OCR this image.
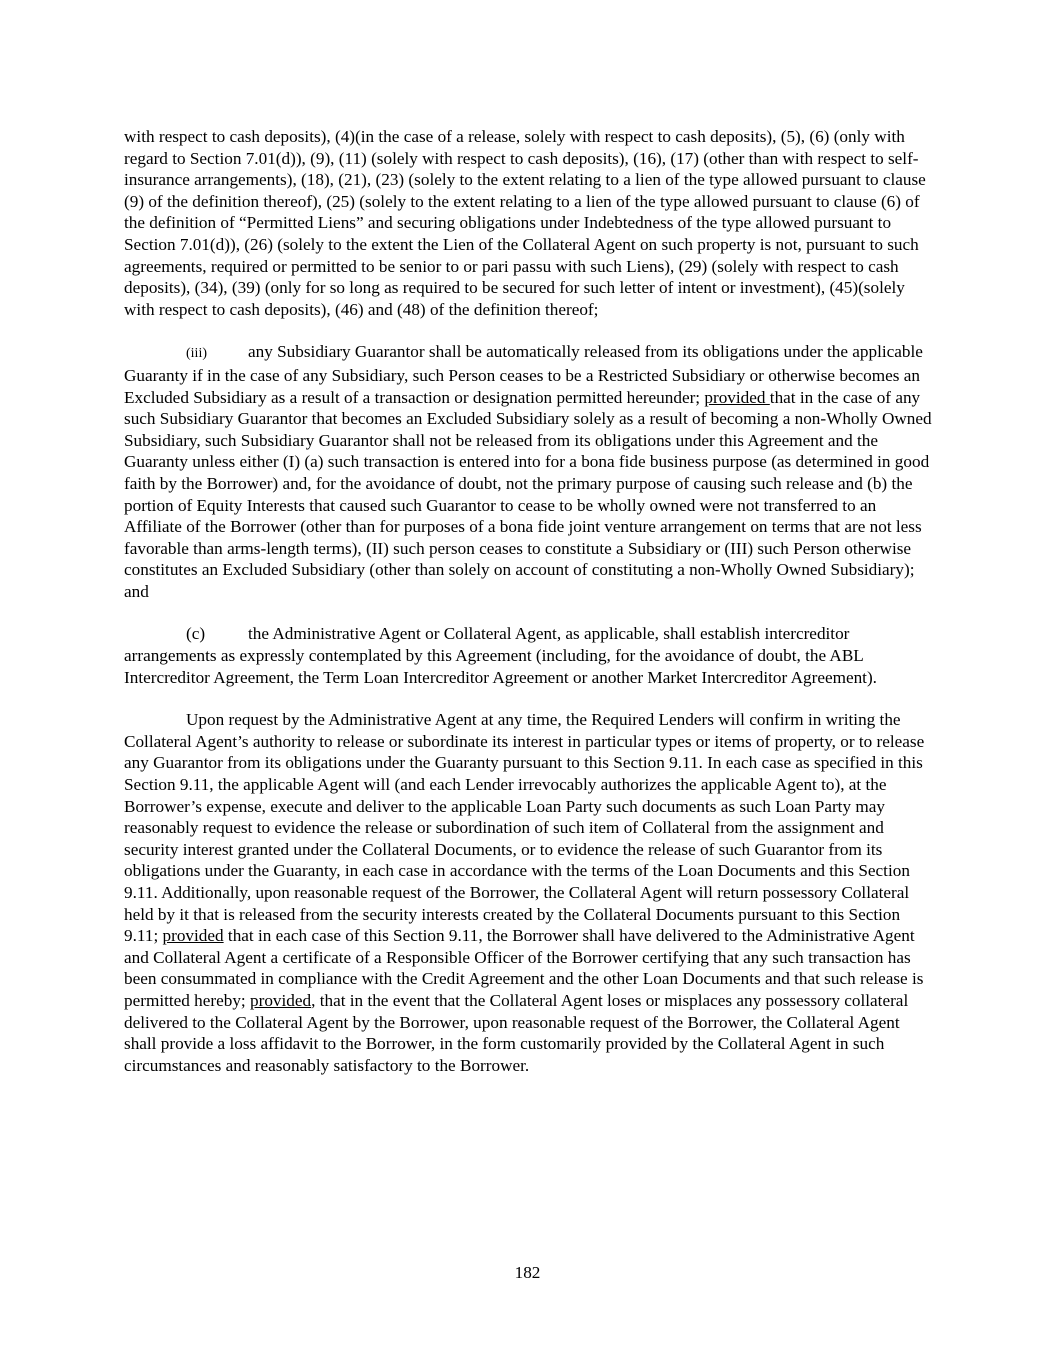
with respect to cash deposits), (4)(in the case of a release, solely with respect to cash deposits), (5), (6) (only with regard to Section 7.01(d)), (9), (11) (solely with respect to cash deposits), (16), (17) (other than with respect to self-insurance arrangements), (18), (21), (23) (solely to the extent relating to a lien of the type allowed pursuant to clause (9) of the definition thereof), (25) (solely to the extent relating to a lien of the type allowed pursuant to clause (6) of the definition of “Permitted Liens” and securing obligations under Indebtedness of the type allowed pursuant to Section 7.01(d)), (26) (solely to the extent the Lien of the Collateral Agent on such property is not, pursuant to such agreements, required or permitted to be senior to or pari passu with such Liens), (29) (solely with respect to cash deposits), (34), (39) (only for so long as required to be secured for such letter of intent or investment), (45)(solely with respect to cash deposits), (46) and (48) of the definition thereof;

(iii) any Subsidiary Guarantor shall be automatically released from its obligations under the applicable Guaranty if in the case of any Subsidiary, such Person ceases to be a Restricted Subsidiary or otherwise becomes an Excluded Subsidiary as a result of a transaction or designation permitted hereunder; provided that in the case of any such Subsidiary Guarantor that becomes an Excluded Subsidiary solely as a result of becoming a non-Wholly Owned Subsidiary, such Subsidiary Guarantor shall not be released from its obligations under this Agreement and the Guaranty unless either (I) (a) such transaction is entered into for a bona fide business purpose (as determined in good faith by the Borrower) and, for the avoidance of doubt, not the primary purpose of causing such release and (b) the portion of Equity Interests that caused such Guarantor to cease to be wholly owned were not transferred to an Affiliate of the Borrower (other than for purposes of a bona fide joint venture arrangement on terms that are not less favorable than arms-length terms), (II) such person ceases to constitute a Subsidiary or (III) such Person otherwise constitutes an Excluded Subsidiary (other than solely on account of constituting a non-Wholly Owned Subsidiary); and

(c) the Administrative Agent or Collateral Agent, as applicable, shall establish intercreditor arrangements as expressly contemplated by this Agreement (including, for the avoidance of doubt, the ABL Intercreditor Agreement, the Term Loan Intercreditor Agreement or another Market Intercreditor Agreement).

Upon request by the Administrative Agent at any time, the Required Lenders will confirm in writing the Collateral Agent’s authority to release or subordinate its interest in particular types or items of property, or to release any Guarantor from its obligations under the Guaranty pursuant to this Section 9.11. In each case as specified in this Section 9.11, the applicable Agent will (and each Lender irrevocably authorizes the applicable Agent to), at the Borrower’s expense, execute and deliver to the applicable Loan Party such documents as such Loan Party may reasonably request to evidence the release or subordination of such item of Collateral from the assignment and security interest granted under the Collateral Documents, or to evidence the release of such Guarantor from its obligations under the Guaranty, in each case in accordance with the terms of the Loan Documents and this Section 9.11. Additionally, upon reasonable request of the Borrower, the Collateral Agent will return possessory Collateral held by it that is released from the security interests created by the Collateral Documents pursuant to this Section 9.11; provided that in each case of this Section 9.11, the Borrower shall have delivered to the Administrative Agent and Collateral Agent a certificate of a Responsible Officer of the Borrower certifying that any such transaction has been consummated in compliance with the Credit Agreement and the other Loan Documents and that such release is permitted hereby; provided, that in the event that the Collateral Agent loses or misplaces any possessory collateral delivered to the Collateral Agent by the Borrower, upon reasonable request of the Borrower, the Collateral Agent shall provide a loss affidavit to the Borrower, in the form customarily provided by the Collateral Agent in such circumstances and reasonably satisfactory to the Borrower.

182
